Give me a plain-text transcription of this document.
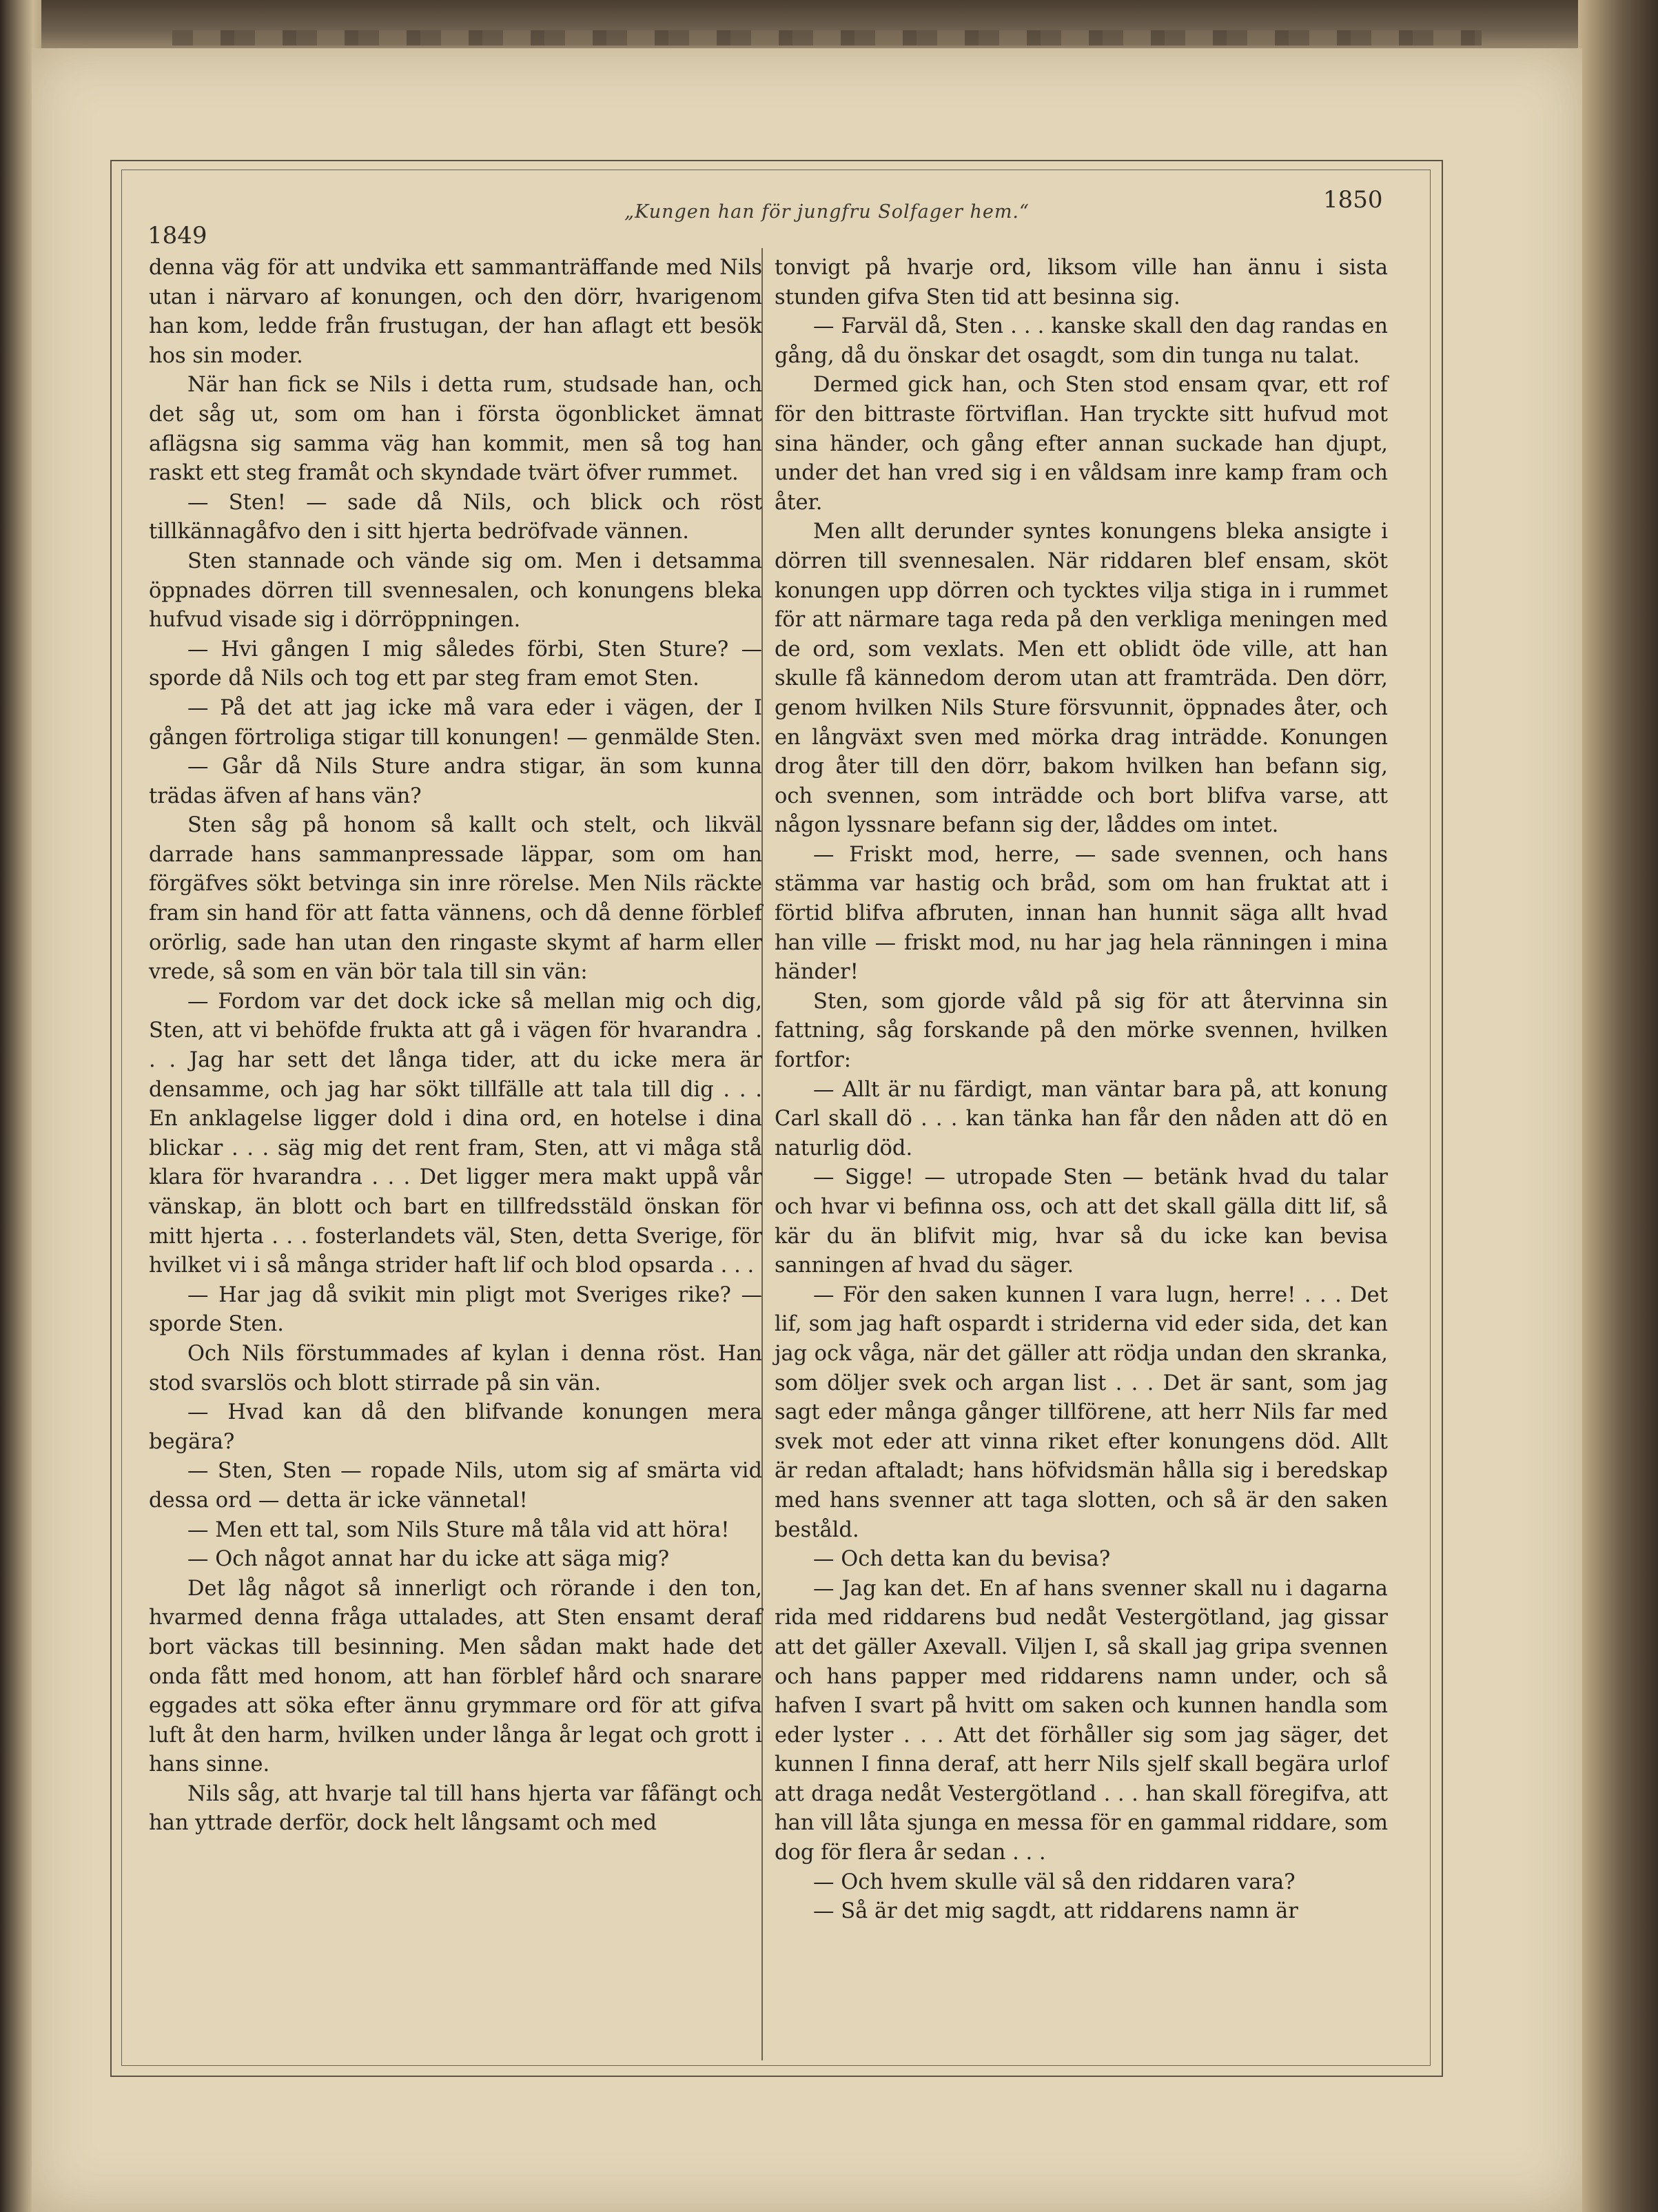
1849
„Kungen han för jungfru Solfager hem.“	1850

denna väg för att undvika ett sammanträffande med Nils utan i närvaro af konungen, och den dörr, hvarigenom han kom, ledde från frustugan, der han aflagt ett besök hos sin moder.

När han fick se Nils i detta rum, studsade han, och det såg ut, som om han i första ögonblicket ämnat aflägsna sig samma väg han kommit, men så tog han raskt ett steg framåt och skyndade tvärt öfver rummet.

— Sten! — sade då Nils, och blick och röst tillkännagåfvo den i sitt hjerta bedröfvade vännen.

Sten stannade och vände sig om. Men i detsamma öppnades dörren till svennesalen, och konungens bleka hufvud visade sig i dörröppningen.

— Hvi gången I mig således förbi, Sten Sture? — sporde då Nils och tog ett par steg fram emot Sten.

— På det att jag icke må vara eder i vägen, der I gången förtroliga stigar till konungen! — genmälde Sten.

— Går då Nils Sture andra stigar, än som kunna trädas äfven af hans vän?

Sten såg på honom så kallt och stelt, och likväl darrade hans sammanpressade läppar, som om han förgäfves sökt betvinga sin inre rörelse. Men Nils räckte fram sin hand för att fatta vännens, och då denne förblef orörlig, sade han utan den ringaste skymt af harm eller vrede, så som en vän bör tala till sin vän:

— Fordom var det dock icke så mellan mig och dig, Sten, att vi behöfde frukta att gå i vägen för hvarandra . . . Jag har sett det långa tider, att du icke mera är densamme, och jag har sökt tillfälle att tala till dig . . . En anklagelse ligger dold i dina ord, en hotelse i dina blickar . . . säg mig det rent fram, Sten, att vi måga stå klara för hvarandra . . . Det ligger mera makt uppå vår vänskap, än blott och bart en tillfredsstäld önskan för mitt hjerta . . . fosterlandets väl, Sten, detta Sverige, för hvilket vi i så många strider haft lif och blod opsarda . . .

— Har jag då svikit min pligt mot Sveriges rike? — sporde Sten.

Och Nils förstummades af kylan i denna röst. Han stod svarslös och blott stirrade på sin vän.

— Hvad kan då den blifvande konungen mera begära?

— Sten, Sten — ropade Nils, utom sig af smärta vid dessa ord — detta är icke vännetal!

— Men ett tal, som Nils Sture må tåla vid att höra!

— Och något annat har du icke att säga mig?

Det låg något så innerligt och rörande i den ton, hvarmed denna fråga uttalades, att Sten ensamt deraf bort väckas till besinning. Men sådan makt hade det onda fått med honom, att han förblef hård och snarare eggades att söka efter ännu grymmare ord för att gifva luft åt den harm, hvilken under långa år legat och grott i hans sinne.

Nils såg, att hvarje tal till hans hjerta var fåfängt och han yttrade derför, dock helt långsamt och med

tonvigt på hvarje ord, liksom ville han ännu i sista stunden gifva Sten tid att besinna sig.

— Farväl då, Sten . . . kanske skall den dag randas en gång, då du önskar det osagdt, som din tunga nu talat.

Dermed gick han, och Sten stod ensam qvar, ett rof för den bittraste förtviflan. Han tryckte sitt hufvud mot sina händer, och gång efter annan suckade han djupt, under det han vred sig i en våldsam inre kamp fram och åter.

Men allt derunder syntes konungens bleka ansigte i dörren till svennesalen. När riddaren blef ensam, sköt konungen upp dörren och tycktes vilja stiga in i rummet för att närmare taga reda på den verkliga meningen med de ord, som vexlats. Men ett oblidt öde ville, att han skulle få kännedom derom utan att framträda. Den dörr, genom hvilken Nils Sture försvunnit, öppnades åter, och en långväxt sven med mörka drag inträdde. Konungen drog åter till den dörr, bakom hvilken han befann sig, och svennen, som inträdde och bort blifva varse, att någon lyssnare befann sig der, låddes om intet.

— Friskt mod, herre, — sade svennen, och hans stämma var hastig och bråd, som om han fruktat att i förtid blifva afbruten, innan han hunnit säga allt hvad han ville — friskt mod, nu har jag hela ränningen i mina händer!

Sten, som gjorde våld på sig för att återvinna sin fattning, såg forskande på den mörke svennen, hvilken fortfor:

— Allt är nu färdigt, man väntar bara på, att konung Carl skall dö . . . kan tänka han får den nåden att dö en naturlig död.

— Sigge! — utropade Sten — betänk hvad du talar och hvar vi befinna oss, och att det skall gälla ditt lif, så kär du än blifvit mig, hvar så du icke kan bevisa sanningen af hvad du säger.

— För den saken kunnen I vara lugn, herre! . . . Det lif, som jag haft ospardt i striderna vid eder sida, det kan jag ock våga, när det gäller att rödja undan den skranka, som döljer svek och argan list . . . Det är sant, som jag sagt eder många gånger tillförene, att herr Nils far med svek mot eder att vinna riket efter konungens död. Allt är redan aftaladt; hans höfvidsmän hålla sig i beredskap med hans svenner att taga slotten, och så är den saken beståld.

— Och detta kan du bevisa?

— Jag kan det. En af hans svenner skall nu i dagarna rida med riddarens bud nedåt Vestergötland, jag gissar att det gäller Axevall. Viljen I, så skall jag gripa svennen och hans papper med riddarens namn under, och så hafven I svart på hvitt om saken och kunnen handla som eder lyster . . . Att det förhåller sig som jag säger, det kunnen I finna deraf, att herr Nils sjelf skall begära urlof att draga nedåt Vestergötland . . . han skall föregifva, att han vill låta sjunga en messa för en gammal riddare, som dog för flera år sedan . . .

— Och hvem skulle väl så den riddaren vara?

— Så är det mig sagdt, att riddarens namn är
